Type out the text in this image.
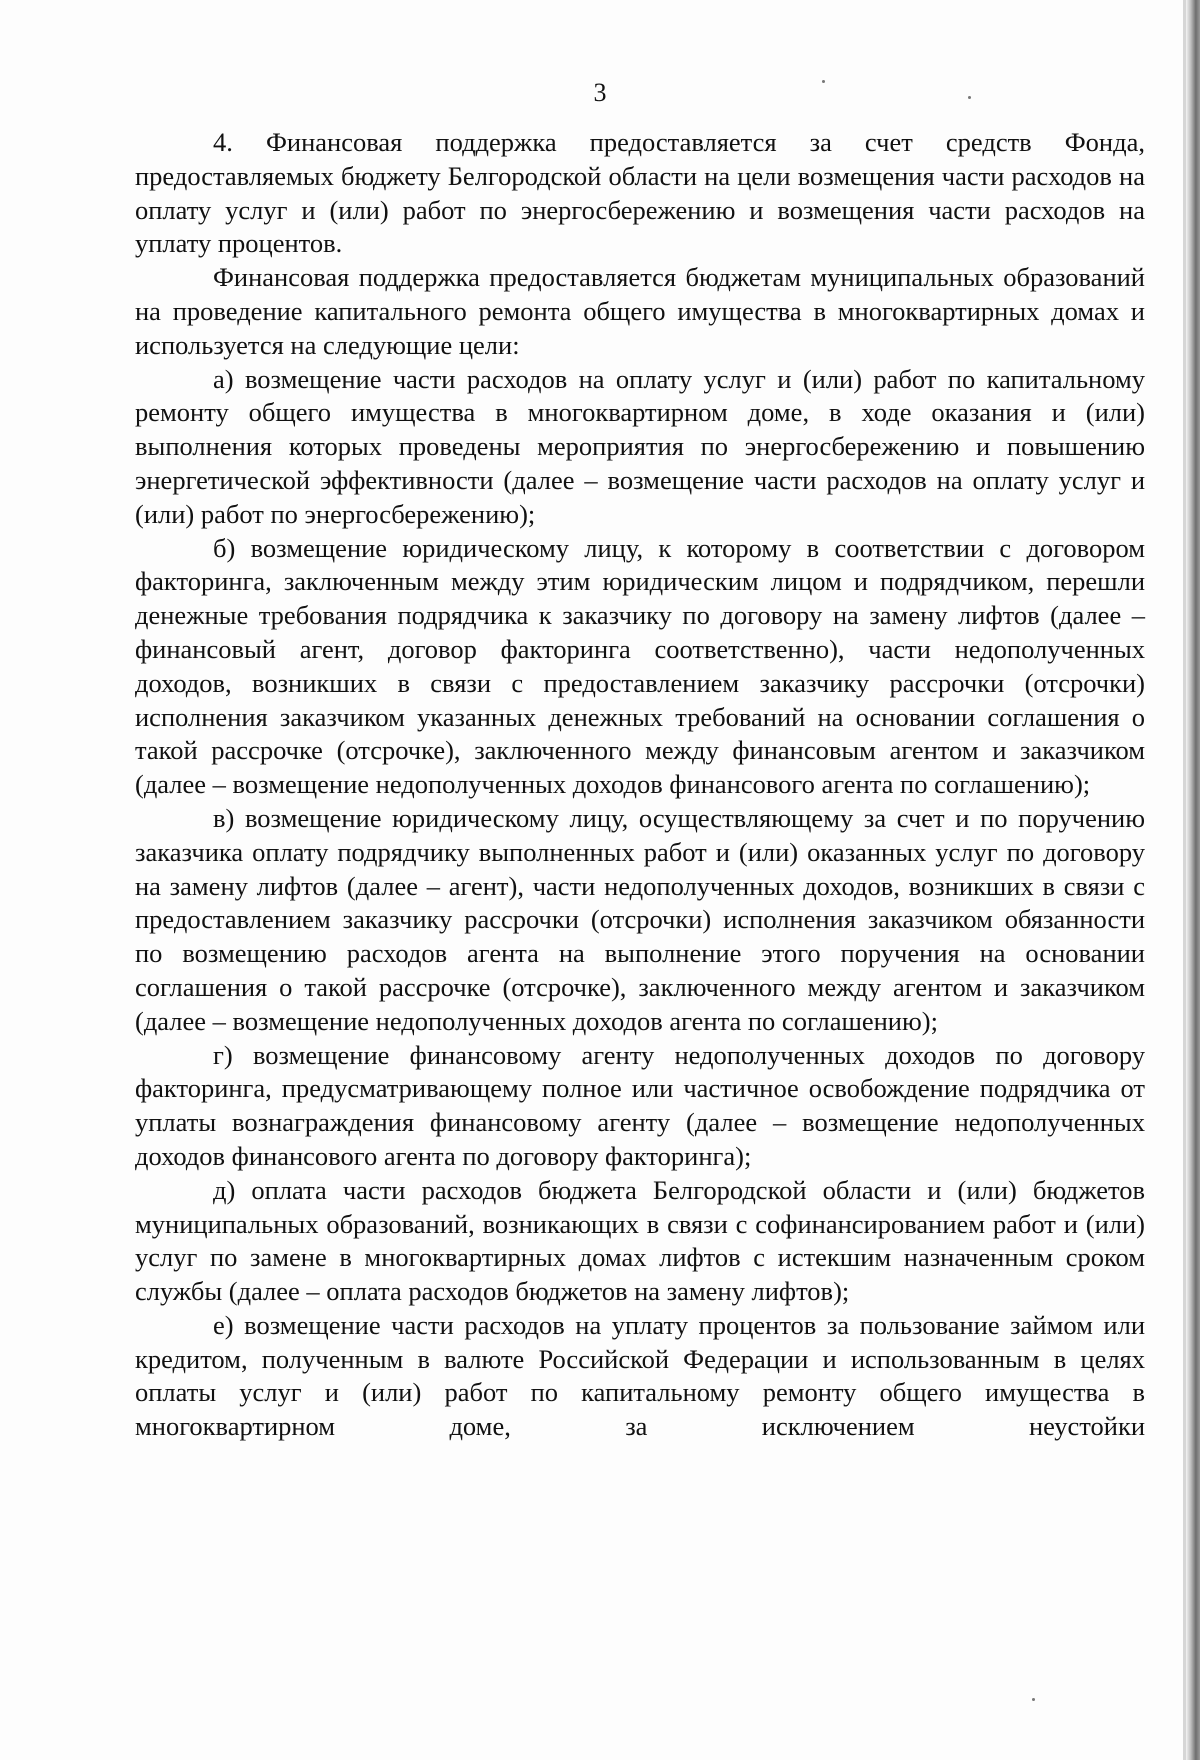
3

4. Финансовая поддержка предоставляется за счет средств Фонда, предоставляемых бюджету Белгородской области на цели возмещения части расходов на оплату услуг и (или) работ по энергосбережению и возмещения части расходов на уплату процентов.

Финансовая поддержка предоставляется бюджетам муниципальных образований на проведение капитального ремонта общего имущества в многоквартирных домах и используется на следующие цели:

а) возмещение части расходов на оплату услуг и (или) работ по капитальному ремонту общего имущества в многоквартирном доме, в ходе оказания и (или) выполнения которых проведены мероприятия по энергосбережению и повышению энергетической эффективности (далее – возмещение части расходов на оплату услуг и (или) работ по энергосбережению);

б) возмещение юридическому лицу, к которому в соответствии с договором факторинга, заключенным между этим юридическим лицом и подрядчиком, перешли денежные требования подрядчика к заказчику по договору на замену лифтов (далее – финансовый агент, договор факторинга соответственно), части недополученных доходов, возникших в связи с предоставлением заказчику рассрочки (отсрочки) исполнения заказчиком указанных денежных требований на основании соглашения о такой рассрочке (отсрочке), заключенного между финансовым агентом и заказчиком (далее – возмещение недополученных доходов финансового агента по соглашению);

в) возмещение юридическому лицу, осуществляющему за счет и по поручению заказчика оплату подрядчику выполненных работ и (или) оказанных услуг по договору на замену лифтов (далее – агент), части недополученных доходов, возникших в связи с предоставлением заказчику рассрочки (отсрочки) исполнения заказчиком обязанности по возмещению расходов агента на выполнение этого поручения на основании соглашения о такой рассрочке (отсрочке), заключенного между агентом и заказчиком (далее – возмещение недополученных доходов агента по соглашению);

г) возмещение финансовому агенту недополученных доходов по договору факторинга, предусматривающему полное или частичное освобождение подрядчика от уплаты вознаграждения финансовому агенту (далее – возмещение недополученных доходов финансового агента по договору факторинга);

д) оплата части расходов бюджета Белгородской области и (или) бюджетов муниципальных образований, возникающих в связи с софинансированием работ и (или) услуг по замене в многоквартирных домах лифтов с истекшим назначенным сроком службы (далее – оплата расходов бюджетов на замену лифтов);

е) возмещение части расходов на уплату процентов за пользование займом или кредитом, полученным в валюте Российской Федерации и использованным в целях оплаты услуг и (или) работ по капитальному ремонту общего имущества в многоквартирном доме, за исключением неустойки
